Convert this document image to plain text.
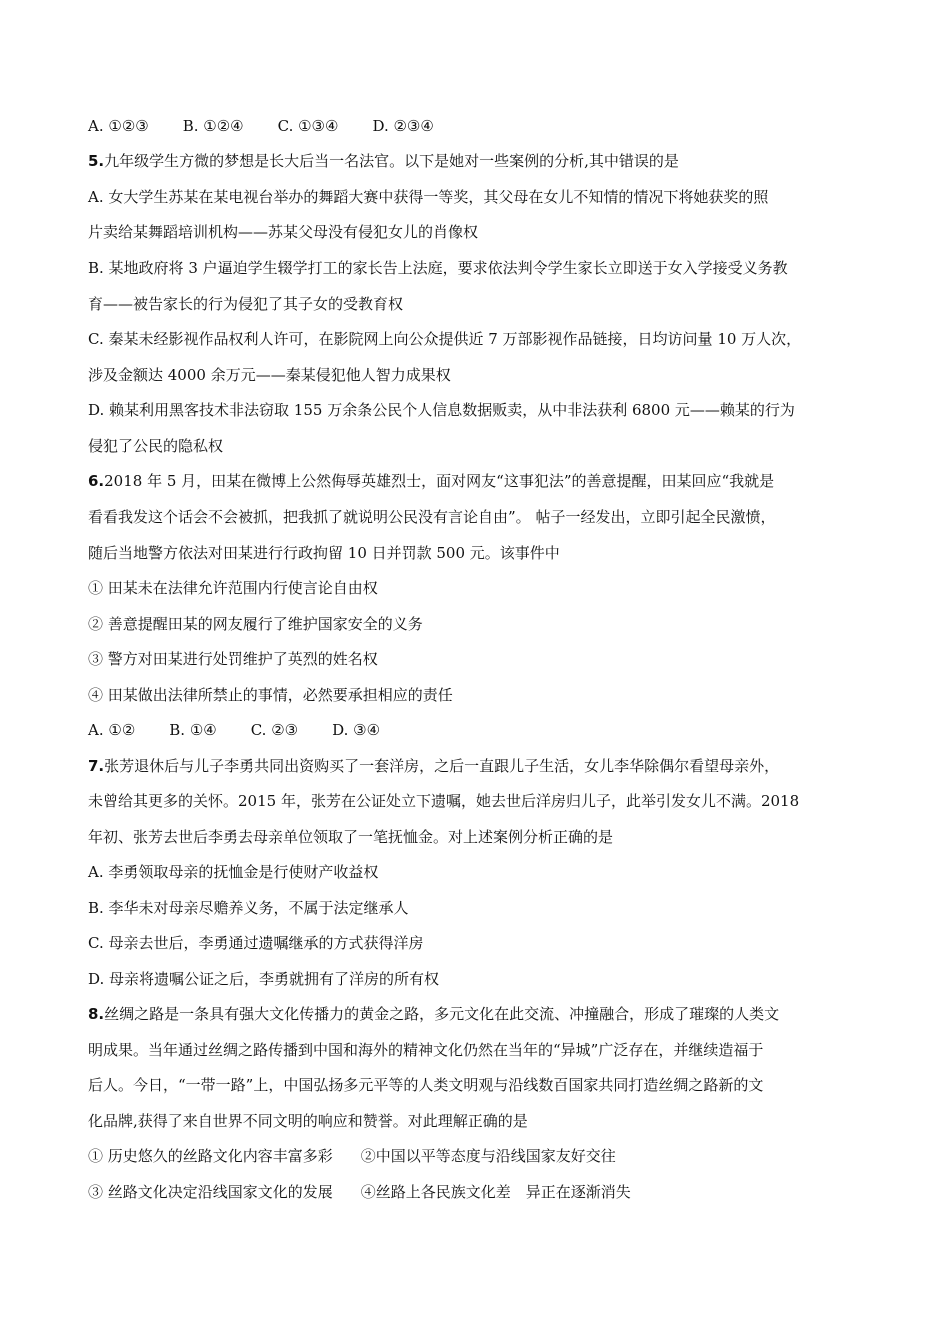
A. ①②③ B. ①②④ C. ①③④ D. ②③④
5.九年级学生方微的梦想是长大后当一名法官。以下是她对一些案例的分析,其中错误的是
A. 女大学生苏某在某电视台举办的舞蹈大赛中获得一等奖，其父母在女儿不知情的情况下将她获奖的照
片卖给某舞蹈培训机构——苏某父母没有侵犯女儿的肖像权
B. 某地政府将 3 户逼迫学生辍学打工的家长告上法庭，要求依法判令学生家长立即送于女入学接受义务教
育——被告家长的行为侵犯了其子女的受教育权
C. 秦某未经影视作品权利人许可，在影院网上向公众提供近 7 万部影视作品链接，日均访问量 10 万人次，
涉及金额达 4000 余万元——秦某侵犯他人智力成果权
D. 赖某利用黑客技术非法窃取 155 万余条公民个人信息数据贩卖，从中非法获利 6800 元——赖某的行为
侵犯了公民的隐私权
6.2018 年 5 月，田某在微博上公然侮辱英雄烈士，面对网友“这事犯法”的善意提醒，田某回应“我就是
看看我发这个话会不会被抓，把我抓了就说明公民没有言论自由”。 帖子一经发出，立即引起全民激愤，
随后当地警方依法对田某进行行政拘留 10 日并罚款 500 元。该事件中
① 田某未在法律允许范围内行使言论自由权
② 善意提醒田某的网友履行了维护国家安全的义务
③ 警方对田某进行处罚维护了英烈的姓名权
④ 田某做出法律所禁止的事情，必然要承担相应的责任
A. ①② B. ①④ C. ②③ D. ③④
7.张芳退休后与儿子李勇共同出资购买了一套洋房，之后一直跟儿子生活，女儿李华除偶尔看望母亲外，
未曾给其更多的关怀。2015 年，张芳在公证处立下遗嘱，她去世后洋房归儿子，此举引发女儿不满。2018
年初、张芳去世后李勇去母亲单位领取了一笔抚恤金。对上述案例分析正确的是
A. 李勇领取母亲的抚恤金是行使财产收益权
B. 李华未对母亲尽赡养义务，不属于法定继承人
C. 母亲去世后，李勇通过遗嘱继承的方式获得洋房
D. 母亲将遗嘱公证之后，李勇就拥有了洋房的所有权
8.丝绸之路是一条具有强大文化传播力的黄金之路，多元文化在此交流、冲撞融合，形成了璀璨的人类文
明成果。当年通过丝绸之路传播到中国和海外的精神文化仍然在当年的“异城”广泛存在，并继续造福于
后人。今日，“一带一路”上，中国弘扬多元平等的人类文明观与沿线数百国家共同打造丝绸之路新的文
化品牌,获得了来自世界不同文明的响应和赞誉。对此理解正确的是
① 历史悠久的丝路文化内容丰富多彩 ②中国以平等态度与沿线国家友好交往
③ 丝路文化决定沿线国家文化的发展 ④丝路上各民族文化差　异正在逐渐消失
